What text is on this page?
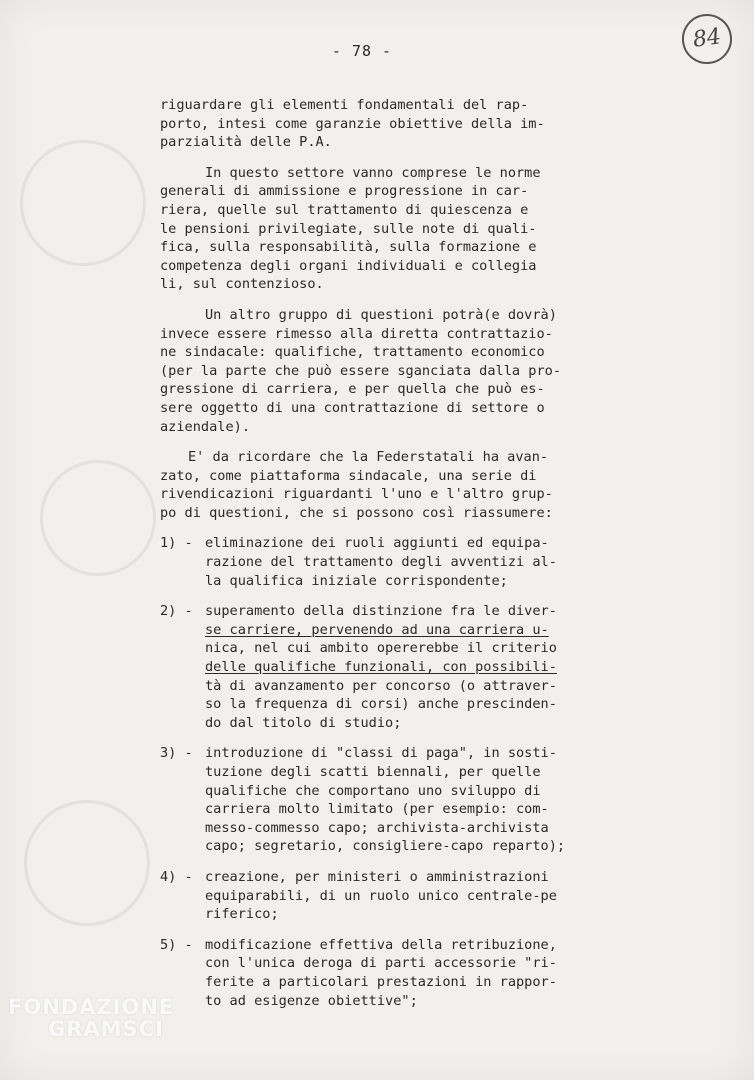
- 78 -	84
riguardare gli elementi fondamentali del rap-
porto, intesi come garanzie obiettive della im-
parzialità delle P.A.
In questo settore vanno comprese le norme
generali di ammissione e progressione in car-
riera, quelle sul trattamento di quiescenza e
le pensioni privilegiate, sulle note di quali-
fica, sulla responsabilità, sulla formazione e
competenza degli organi individuali e collegia
li, sul contenzioso.
Un altro gruppo di questioni potrà(e dovrà)
invece essere rimesso alla diretta contrattazio-
ne sindacale: qualifiche, trattamento economico
(per la parte che può essere sganciata dalla pro-
gressione di carriera, e per quella che può es-
sere oggetto di una contrattazione di settore o
aziendale).
E' da ricordare che la Federstatali ha avan-
zato, come piattaforma sindacale, una serie di
rivendicazioni riguardanti l'uno e l'altro grup-
po di questioni, che si possono così riassumere:
1) - eliminazione dei ruoli aggiunti ed equipa-
razione del trattamento degli avventizi al-
la qualifica iniziale corrispondente;
2) - superamento della distinzione fra le diver-
se carriere, pervenendo ad una carriera u-
nica, nel cui ambito opererebbe il criterio
delle qualifiche funzionali, con possibili-
tà di avanzamento per concorso (o attraver-
so la frequenza di corsi) anche prescinden-
do dal titolo di studio;
3) - introduzione di "classi di paga", in sosti-
tuzione degli scatti biennali, per quelle
qualifiche che comportano uno sviluppo di
carriera molto limitato (per esempio: com-
messo-commesso capo; archivista-archivista
capo; segretario, consigliere-capo reparto);
4) - creazione, per ministeri o amministrazioni
equiparabili, di un ruolo unico centrale-pe
riferico;
5) - modificazione effettiva della retribuzione,
con l'unica deroga di parti accessorie "ri-
ferite a particolari prestazioni in rappor-
to ad esigenze obiettive";
FONDAZIONE
GRAMSCI
